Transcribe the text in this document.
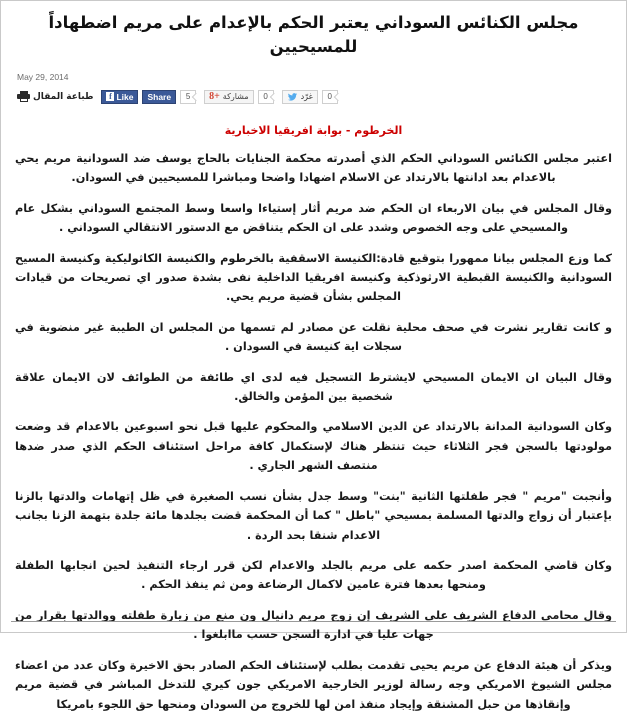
مجلس الكنائس السوداني يعتبر الحكم بالإعدام على مريم اضطهاداً للمسيحيين
May 29, 2014
طباعة المقال	f Like Share	5	8+ مشاركة	0	غرّد	0
الخرطوم - بوابة افريقيا الاخبارية

اعتبر مجلس الكنائس السوداني الحكم الذي أصدرته محكمة الجنايات بالحاج يوسف ضد السودانية مريم يحي بالاعدام بعد ادانتها بالارتداد عن الاسلام اضهادا واضحا ومباشرا للمسيحيين في السودان.

وقال المجلس في بيان الاربعاء ان الحكم ضد مريم أثار إستياءا واسعا وسط المجتمع السوداني بشكل عام والمسيحي على وجه الخصوص وشدد على ان الحكم يتناقض مع الدستور الانتقالي السوداني .

كما وزع المجلس بيانا ممهورا بتوقيع قادة:الكنيسة الاسقفية بالخرطوم والكنيسة الكاثوليكية وكنيسة المسيح السودانية والكنيسة القبطية الارثوذكية وكنيسة افريقيا الداخلية نفى بشدة صدور اي تصريحات من قيادات المجلس بشأن قضية مريم يحي.

و كانت تقارير نشرت في صحف محلية نقلت عن مصادر لم تسمها من المجلس ان الطيبة غير منضوية في سجلات اية كنيسة في السودان .

وقال البيان ان الايمان المسيحي لايشترط التسجيل فيه لدى اي طائفة من الطوائف لان الايمان علاقة شخصية بين المؤمن والخالق.

وكان السودانية المدانة بالارتداد عن الدين الاسلامي والمحكوم عليها قبل نحو اسبوعين بالاعدام قد وضعت مولودتها بالسجن فجر الثلاثاء حيث تنتظر هناك لإستكمال كافة مراحل استئناف الحكم الذي صدر ضدها منتصف الشهر الجاري .

وأنجبت "مريم " فجر طفلتها الثانية "بنت" وسط جدل بشأن نسب الصغيرة في ظل إتهامات والدتها بالزنا بإعتبار أن زواج والدتها المسلمة بمسيحي "باطل " كما أن المحكمة قضت بجلدها مائة جلدة بتهمة الزنا بجانب الاعدام شنقا بحد الردة .

وكان قاضي المحكمة اصدر حكمه على مريم بالجلد والاعدام لكن قرر ارجاء التنفيذ لحين انجابها الطفلة ومنحها بعدها فترة عامين لاكمال الرضاعة ومن ثم ينفذ الحكم .

وقال محامي الدفاع الشريف علي الشريف إن زوج مريم دانيال ون منع من زيارة طفلته ووالدتها بقرار من جهات عليا في ادارة السجن حسب ماابلغوا .

ويذكر أن هيئة الدفاع عن مريم يحيى تقدمت بطلب لإستئناف الحكم الصادر بحق الاخيرة وكان عدد من اعضاء مجلس الشيوخ الامريكي وجه رسالة لوزير الخارجية الامريكي جون كيري للتدخل المباشر في قضية مريم وإنقاذها من حبل المشنقة وإيجاد منفذ امن لها للخروج من السودان ومنحها حق اللجوء بامريكا
